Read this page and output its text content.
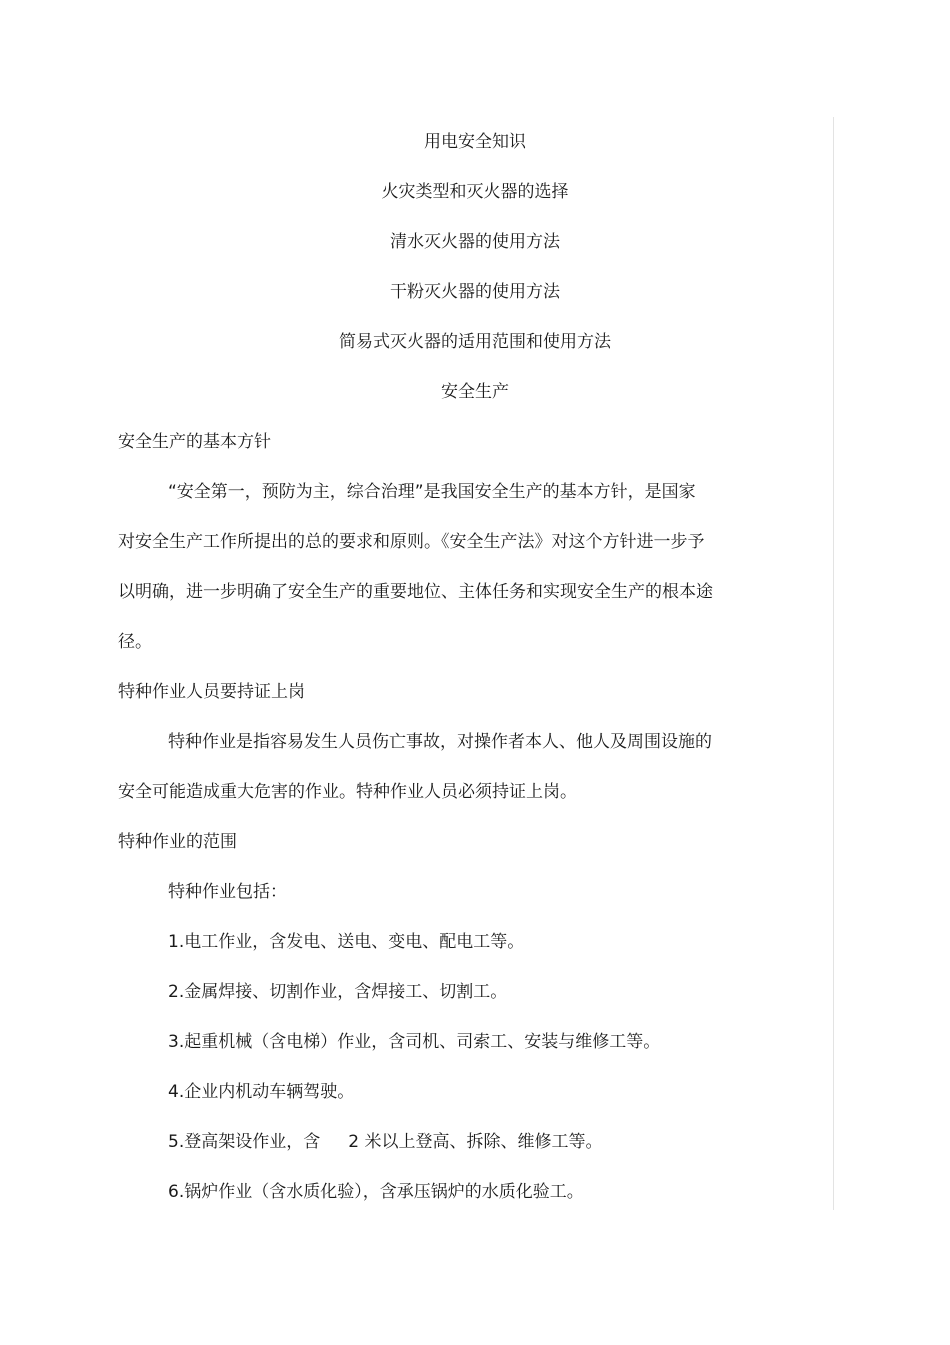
用电安全知识

火灾类型和灭火器的选择

清水灭火器的使用方法

干粉灭火器的使用方法

简易式灭火器的适用范围和使用方法

安全生产

安全生产的基本方针

“安全第一，预防为主，综合治理”是我国安全生产的基本方针，是国家

对安全生产工作所提出的总的要求和原则。《安全生产法》对这个方针进一步予

以明确，进一步明确了安全生产的重要地位、主体任务和实现安全生产的根本途

径。

特种作业人员要持证上岗

特种作业是指容易发生人员伤亡事故，对操作者本人、他人及周围设施的

安全可能造成重大危害的作业。特种作业人员必须持证上岗。

特种作业的范围

特种作业包括：

1.电工作业，含发电、送电、变电、配电工等。

2.金属焊接、切割作业，含焊接工、切割工。

3.起重机械（含电梯）作业，含司机、司索工、安装与维修工等。

4.企业内机动车辆驾驶。

5.登高架设作业，含 2 米以上登高、拆除、维修工等。

6.锅炉作业（含水质化验），含承压锅炉的水质化验工。
